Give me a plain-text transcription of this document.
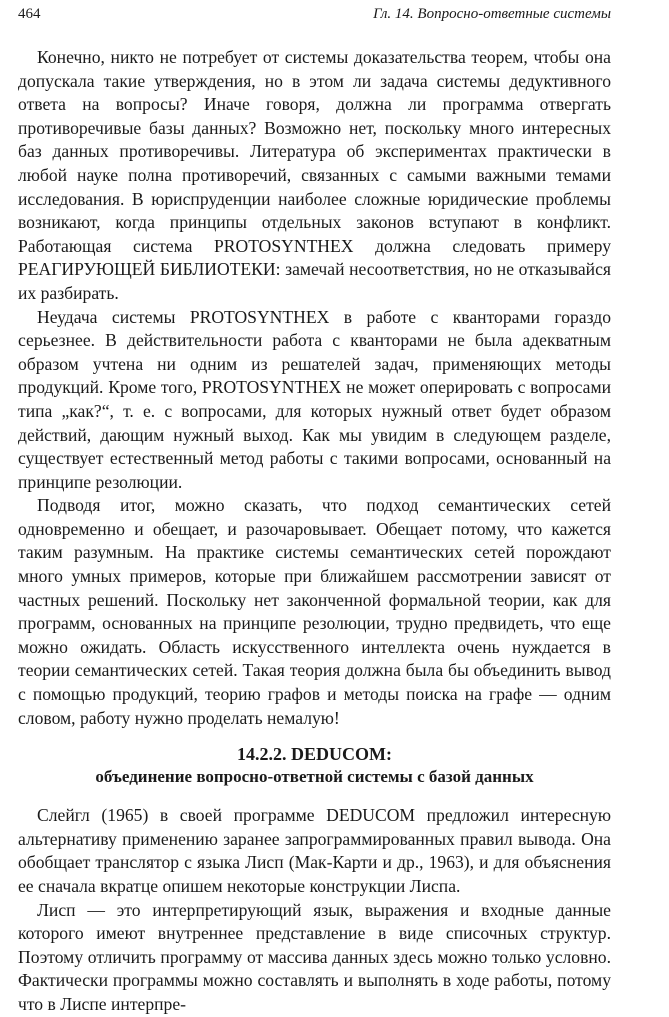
464	Гл. 14. Вопросно-ответные системы

Конечно, никто не потребует от системы доказательства теорем, чтобы она допускала такие утверждения, но в этом ли задача системы дедуктивного ответа на вопросы? Иначе говоря, должна ли программа отвергать противоречивые базы данных? Возможно нет, поскольку много интересных баз данных противоречивы. Литература об экспериментах практически в любой науке полна противоречий, связанных с самыми важными темами исследования. В юриспруденции наиболее сложные юридические проблемы возникают, когда принципы отдельных законов вступают в конфликт. Работающая система PROTOSYNTHEX должна следовать примеру РЕАГИРУЮЩЕЙ БИБЛИОТЕКИ: замечай несоответствия, но не отказывайся их разбирать.

Неудача системы PROTOSYNTHEX в работе с кванторами гораздо серьезнее. В действительности работа с кванторами не была адекватным образом учтена ни одним из решателей задач, применяющих методы продукций. Кроме того, PROTOSYNTHEX не может оперировать с вопросами типа „как?“, т. е. с вопросами, для которых нужный ответ будет образом действий, дающим нужный выход. Как мы увидим в следующем разделе, существует естественный метод работы с такими вопросами, основанный на принципе резолюции.

Подводя итог, можно сказать, что подход семантических сетей одновременно и обещает, и разочаровывает. Обещает потому, что кажется таким разумным. На практике системы семантических сетей порождают много умных примеров, которые при ближайшем рассмотрении зависят от частных решений. Поскольку нет законченной формальной теории, как для программ, основанных на принципе резолюции, трудно предвидеть, что еще можно ожидать. Область искусственного интеллекта очень нуждается в теории семантических сетей. Такая теория должна была бы объединить вывод с помощью продукций, теорию графов и методы поиска на графе — одним словом, работу нужно проделать немалую!

14.2.2. DEDUCOM:
объединение вопросно-ответной системы с базой данных

Слейгл (1965) в своей программе DEDUCOM предложил интересную альтернативу применению заранее запрограммированных правил вывода. Она обобщает транслятор с языка Лисп (Мак-Карти и др., 1963), и для объяснения ее сначала вкратце опишем некоторые конструкции Лиспа.

Лисп — это интерпретирующий язык, выражения и входные данные которого имеют внутреннее представление в виде списочных структур. Поэтому отличить программу от массива данных здесь можно только условно. Фактически программы можно составлять и выполнять в ходе работы, потому что в Лиспе интерпре-
